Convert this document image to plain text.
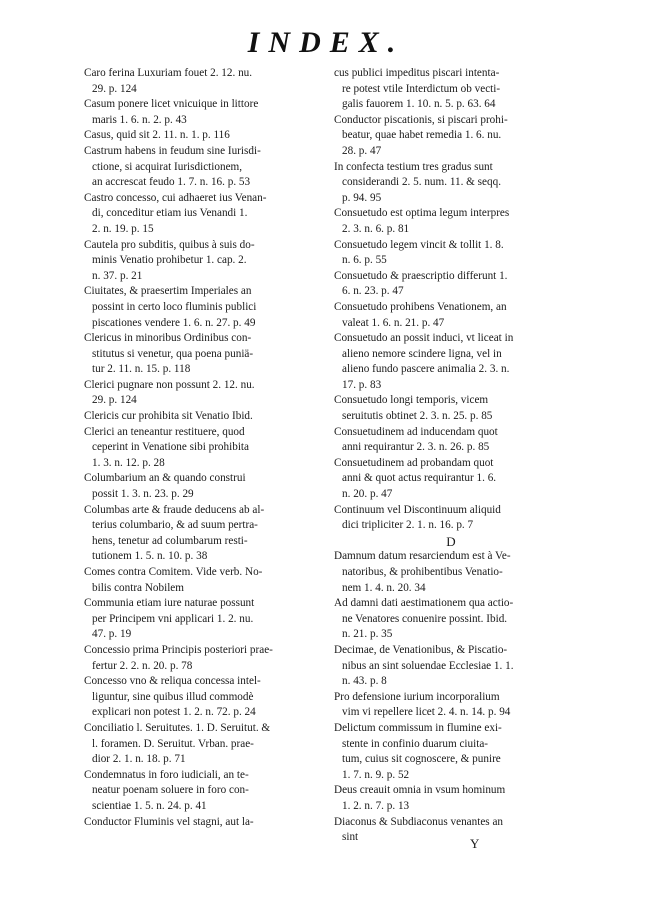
INDEX.
Caro ferina Luxuriam fouet 2. 12. nu.
29. p. 124
Casum ponere licet vnicuique in littore
maris 1. 6. n. 2. p. 43
Casus, quid sit 2. 11. n. 1. p. 116
Castrum habens in feudum sine Iurisdi-
ctione, si acquirat Iurisdictionem,
an accrescat feudo 1. 7. n. 16. p. 53
Castro concesso, cui adhaeret ius Venan-
di, conceditur etiam ius Venandi 1.
2. n. 19. p. 15
Cautela pro subditis, quibus à suis do-
minis Venatio prohibetur 1. cap. 2.
n. 37. p. 21
Ciuitates, & praesertim Imperiales an
possint in certo loco fluminis publici
piscationes vendere 1. 6. n. 27. p. 49
Clericus in minoribus Ordinibus con-
stitutus si venetur, qua poena puniä-
tur 2. 11. n. 15. p. 118
Clerici pugnare non possunt 2. 12. nu.
29. p. 124
Clericis cur prohibita sit Venatio Ibid.
Clerici an teneantur restituere, quod
ceperint in Venatione sibi prohibita
1. 3. n. 12. p. 28
Columbarium an & quando construi
possit 1. 3. n. 23. p. 29
Columbas arte & fraude deducens ab al-
terius columbario, & ad suum pertra-
hens, tenetur ad columbarum resti-
tutionem 1. 5. n. 10. p. 38
Comes contra Comitem. Vide verb. No-
bilis contra Nobilem
Communia etiam iure naturae possunt
per Principem vni applicari 1. 2. nu.
47. p. 19
Concessio prima Principis posteriori prae-
fertur 2. 2. n. 20. p. 78
Concesso vno & reliqua concessa intel-
liguntur, sine quibus illud commodè
explicari non potest 1. 2. n. 72. p. 24
Conciliatio l. Seruitutes. 1. D. Seruitut. &
l. foramen. D. Seruitut. Vrban. prae-
dior 2. 1. n. 18. p. 71
Condemnatus in foro iudiciali, an te-
neatur poenam soluere in foro con-
scientiae 1. 5. n. 24. p. 41
Conductor Fluminis vel stagni, aut la-
cus publici impeditus piscari intenta-
re potest vtile Interdictum ob vecti-
galis fauorem 1. 10. n. 5. p. 63. 64
Conductor piscationis, si piscari prohi-
beatur, quae habet remedia 1. 6. nu.
28. p. 47
In confecta testium tres gradus sunt
considerandi 2. 5. num. 11. & seqq.
p. 94. 95
Consuetudo est optima legum interpres
2. 3. n. 6. p. 81
Consuetudo legem vincit & tollit 1. 8.
n. 6. p. 55
Consuetudo & praescriptio differunt 1.
6. n. 23. p. 47
Consuetudo prohibens Venationem, an
valeat 1. 6. n. 21. p. 47
Consuetudo an possit induci, vt liceat in
alieno nemore scindere ligna, vel in
alieno fundo pascere animalia 2. 3. n.
17. p. 83
Consuetudo longi temporis, vicem
seruitutis obtinet 2. 3. n. 25. p. 85
Consuetudinem ad inducendam quot
anni requirantur 2. 3. n. 26. p. 85
Consuetudinem ad probandam quot
anni & quot actus requirantur 1. 6.
n. 20. p. 47
Continuum vel Discontinuum aliquid
dici tripliciter 2. 1. n. 16. p. 7
D
Damnum datum resarciendum est à Ve-
natoribus, & prohibentibus Venatio-
nem 1. 4. n. 20. 34
Ad damni dati aestimationem qua actio-
ne Venatores conuenire possint. Ibid.
n. 21. p. 35
Decimae, de Venationibus, & Piscatio-
nibus an sint soluendae Ecclesiae 1. 1.
n. 43. p. 8
Pro defensione iurium incorporalium
vim vi repellere licet 2. 4. n. 14. p. 94
Delictum commissum in flumine exi-
stente in confinio duarum ciuita-
tum, cuius sit cognoscere, & punire
1. 7. n. 9. p. 52
Deus creauit omnia in vsum hominum
1. 2. n. 7. p. 13
Diaconus & Subdiaconus venantes an
sint	Y
